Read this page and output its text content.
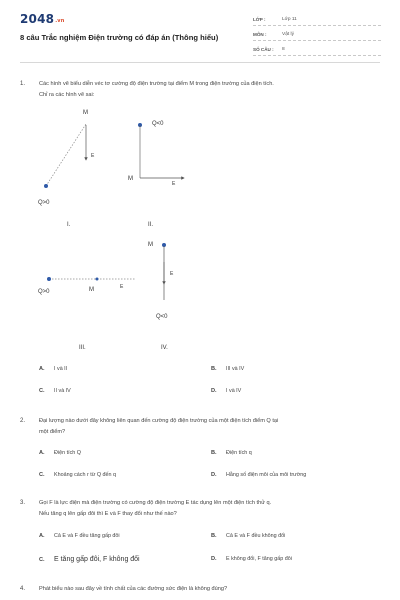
2048.vn
8 câu Trắc nghiệm Điện trường có đáp án (Thông hiểu)
LỚP :	Lớp 11
MÔN :	Vật lý
SỐ CÂU :	8
1. Các hình vẽ biểu diễn véc tơ cường độ điện trường tại điểm M trong điện trường của điện tích.
Chỉ ra các hình vẽ sai:
M
E
Q>0
Q<0
M
E
Q>0	M	E
M
E
Q<0
I.	II.
III.	IV.
A.	I và II	B.	III và IV
C.	II và IV	D.	I và IV
2. Đại lượng nào dưới đây không liên quan đến cường độ điện trường của một điện tích điểm Q tại
một điểm?
A.	Điện tích Q	B.	Điện tích q
C.	Khoảng cách r từ Q đến q	D.	Hằng số điện môi của môi trường
3. Gọi F là lực điện mà điện trường có cường độ điện trường E tác dụng lên một điện tích thử q.
Nếu tăng q lên gấp đôi thì E và F thay đổi như thế nào?
A.	Cả E và F đều tăng gấp đôi	B.	Cả E và F đều không đổi
C.	E tăng gấp đôi, F không đổi	D.	E không đổi, F tăng gấp đôi
4. Phát biểu nào sau đây về tính chất của các đường sức điện là không đúng?
